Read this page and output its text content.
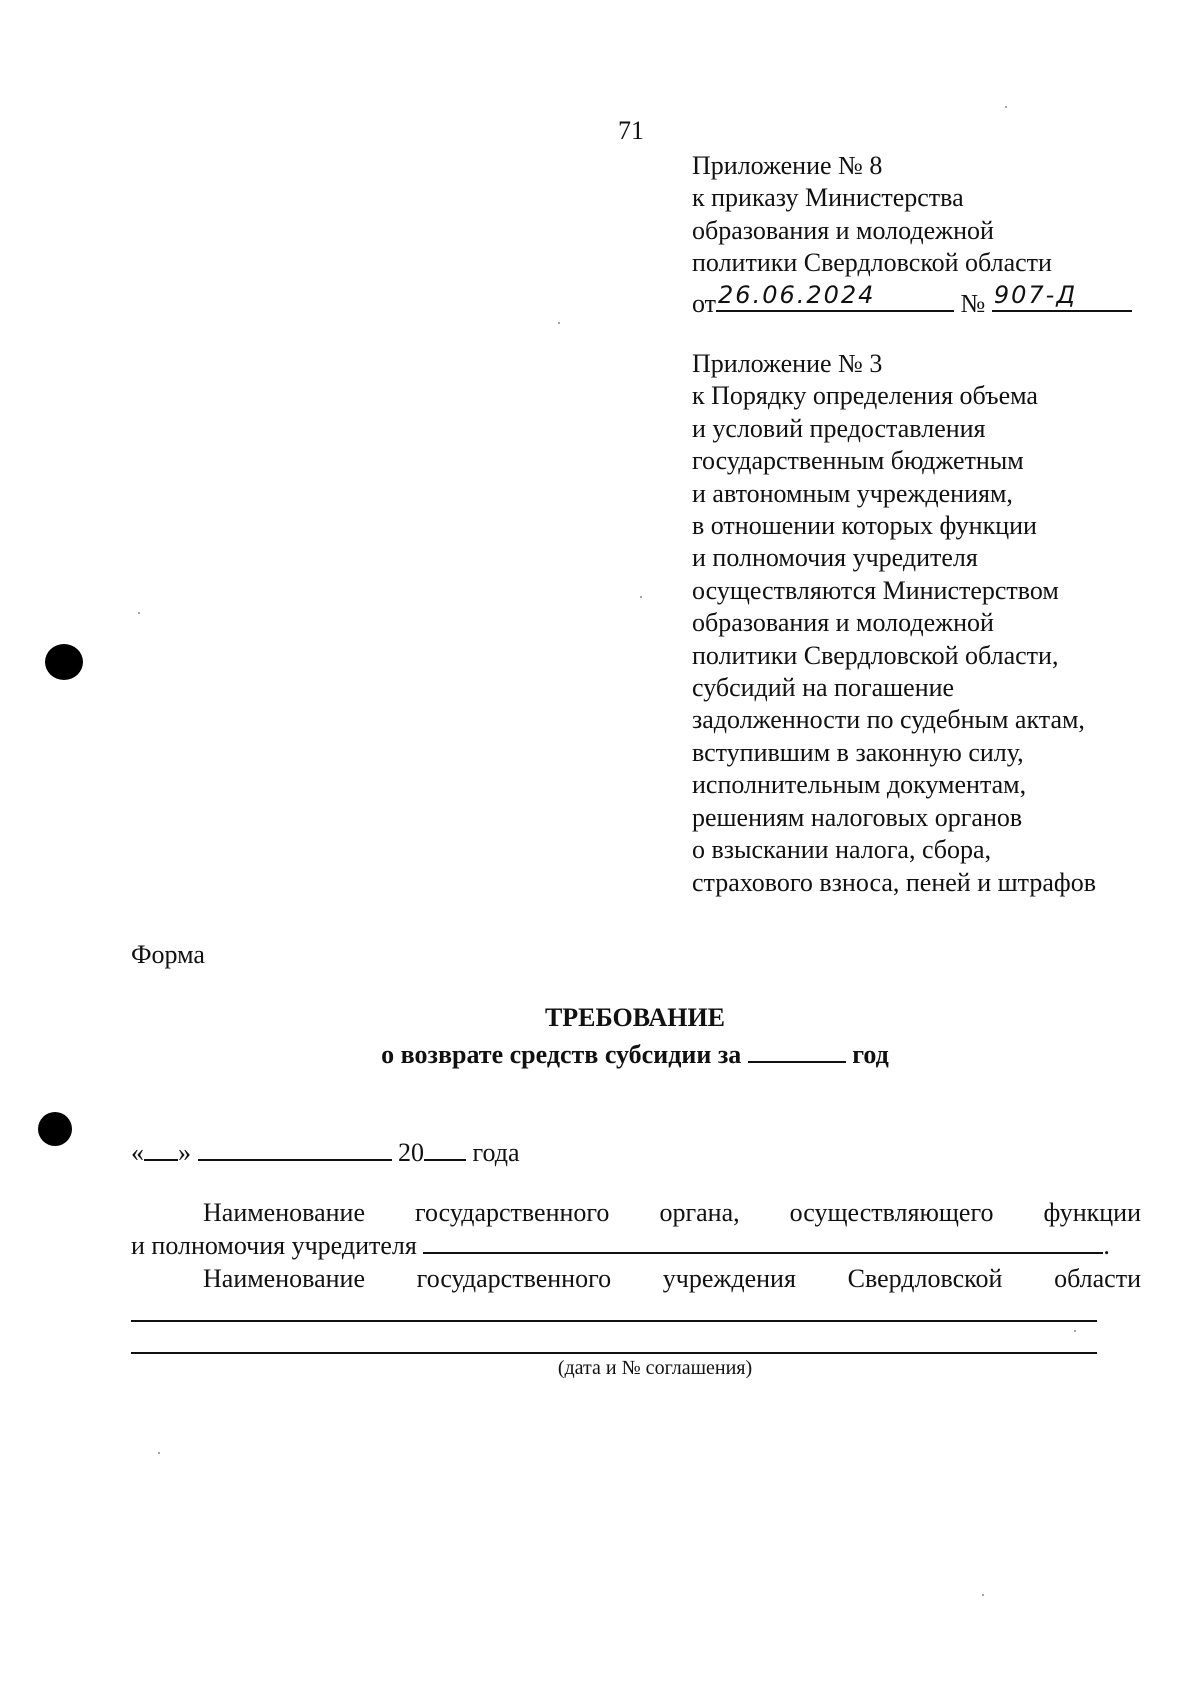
71
Приложение № 8
к приказу Министерства
образования и молодежной
политики Свердловской области
от 26.06.2024	№ 907-Д
Приложение № 3
к Порядку определения объема
и условий предоставления
государственным бюджетным
и автономным учреждениям,
в отношении которых функции
и полномочия учредителя
осуществляются Министерством
образования и молодежной
политики Свердловской области,
субсидий на погашение
задолженности по судебным актам,
вступившим в законную силу,
исполнительным документам,
решениям налоговых органов
о взыскании налога, сбора,
страхового взноса, пеней и штрафов
Форма
ТРЕБОВАНИЕ
о возврате средств субсидии за	год
« »	20 года
Наименование государственного органа, осуществляющего функции
и полномочия учредителя	.
Наименование государственного учреждения Свердловской области
(дата и № соглашения)
